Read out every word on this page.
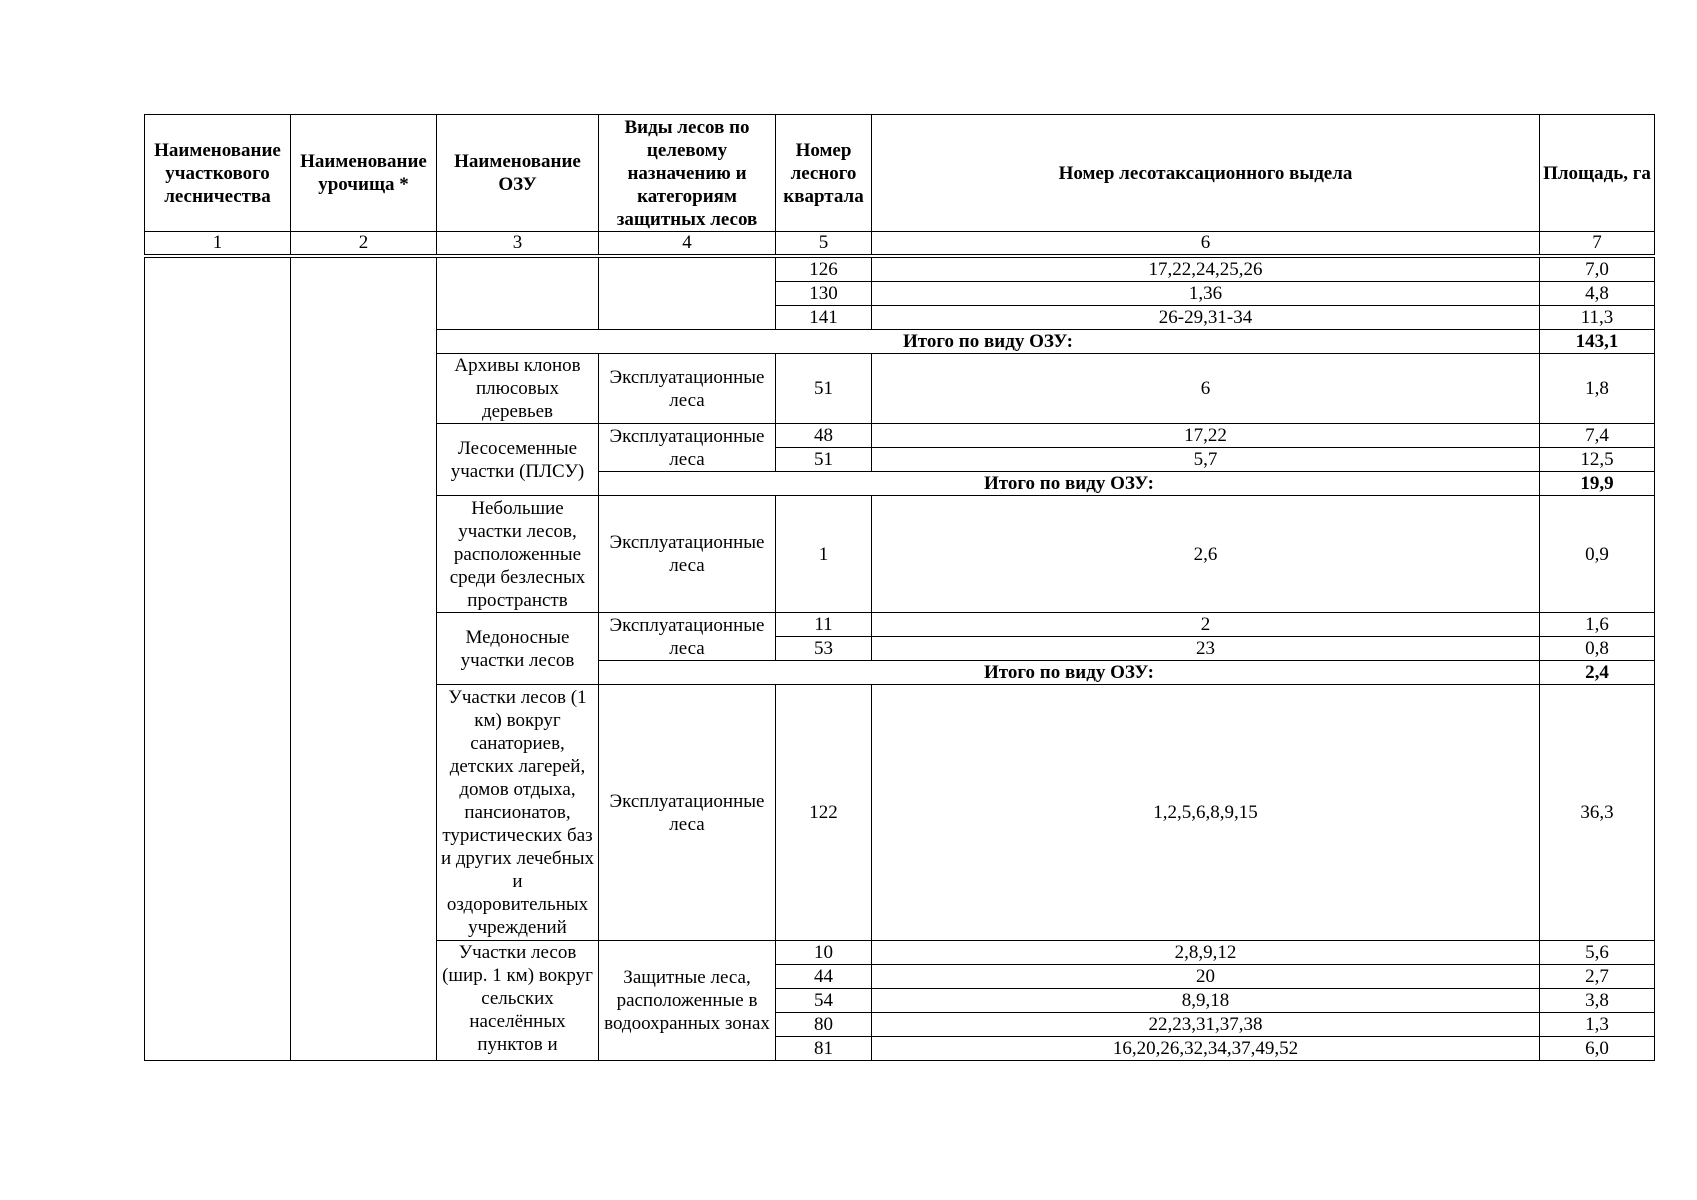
Наименование участкового лесничества	Наименование урочища *	Наименование ОЗУ	Виды лесов по целевому назначению и категориям защитных лесов	Номер лесного квартала	Номер лесотаксационного выдела	Площадь, га
1	2	3	4	5	6	7
				126	17,22,24,25,26	7,0
				130	1,36	4,8
				141	26-29,31-34	11,3
		Итого по виду ОЗУ:				143,1
		Архивы клонов плюсовых деревьев	Эксплуатационные леса	51	6	1,8
		Лесосеменные участки (ПЛСУ)	Эксплуатационные леса	48	17,22	7,4
				51	5,7	12,5
			Итого по виду ОЗУ:			19,9
		Небольшие участки лесов, расположенные среди безлесных пространств	Эксплуатационные леса	1	2,6	0,9
		Медоносные участки лесов	Эксплуатационные леса	11	2	1,6
				53	23	0,8
			Итого по виду ОЗУ:			2,4
		Участки лесов (1 км) вокруг санаториев, детских лагерей, домов отдыха, пансионатов, туристических баз и других лечебных и оздоровительных учреждений	Эксплуатационные леса	122	1,2,5,6,8,9,15	36,3
		Участки лесов (шир. 1 км) вокруг сельских населённых пунктов и	Защитные леса, расположенные в водоохранных зонах	10	2,8,9,12	5,6
				44	20	2,7
				54	8,9,18	3,8
				80	22,23,31,37,38	1,3
				81	16,20,26,32,34,37,49,52	6,0
